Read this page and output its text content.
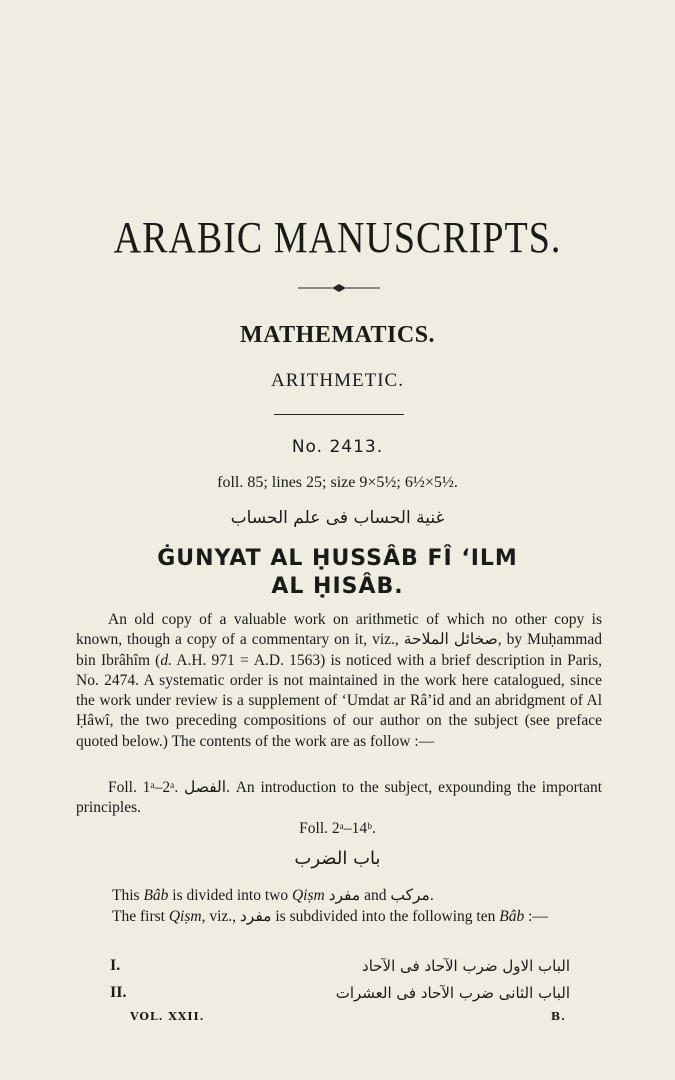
ARABIC MANUSCRIPTS.
MATHEMATICS.
ARITHMETIC.
No. 2413.
foll. 85; lines 25; size 9×5½; 6½×5½.
غنية الحساب فى علم الحساب
ĠUNYAT AL ḤUSSÂB FÎ ‘ILM
AL ḤISÂB.
An old copy of a valuable work on arithmetic of which no other copy is known, though a copy of a commentary on it, viz., صخائل الملاحة, by Muḥammad bin Ibrâhîm (d. A.H. 971 = A.D. 1563) is noticed with a brief description in Paris, No. 2474. A systematic order is not maintained in the work here catalogued, since the work under review is a supplement of ‘Umdat ar Râ’id and an abridgment of Al Ḥâwî, the two preceding compositions of our author on the subject (see preface quoted below.) The contents of the work are as follow :—
Foll. 1ᵃ–2ᵃ. الفصل. An introduction to the subject, expounding the important principles.
Foll. 2ᵃ–14ᵇ.
باب الضرب
This Bâb is divided into two Qiṣm مفرد and مركب.
The first Qiṣm, viz., مفرد is subdivided into the following ten Bâb :—
I.	الباب الاول ضرب الآحاد فى الآحاد
II.	الباب الثانى ضرب الآحاد فى العشرات
VOL. XXII.	B.
